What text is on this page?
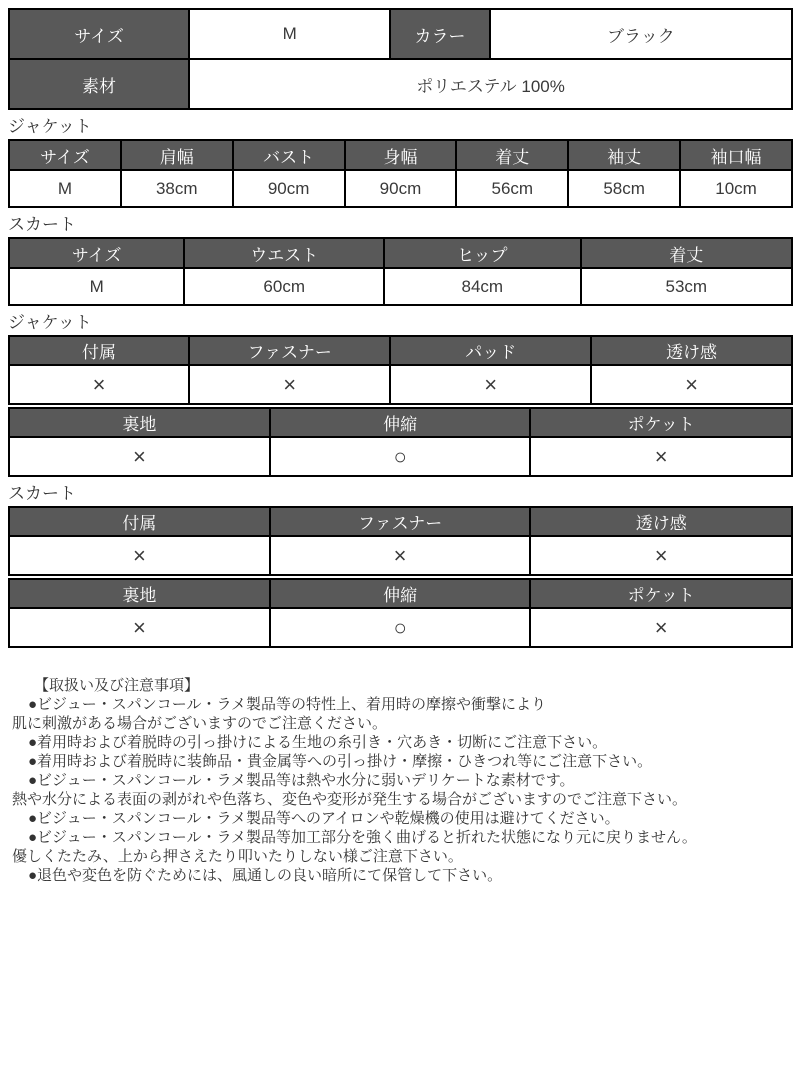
サイズ	M	カラー	ブラック
素材	ポリエステル 100%		
ジャケット
サイズ	肩幅	バスト	身幅	着丈	袖丈	袖口幅
M	38cm	90cm	90cm	56cm	58cm	10cm
スカート
サイズ	ウエスト	ヒップ	着丈
M	60cm	84cm	53cm
ジャケット
付属	ファスナー	パッド	透け感
×	×	×	×
裏地	伸縮	ポケット
×	○	×
スカート
付属	ファスナー	透け感
×	×	×
裏地	伸縮	ポケット
×	○	×
【取扱い及び注意事項】
●ビジュー・スパンコール・ラメ製品等の特性上、着用時の摩擦や衝撃により
肌に刺激がある場合がございますのでご注意ください。
●着用時および着脱時の引っ掛けによる生地の糸引き・穴あき・切断にご注意下さい。
●着用時および着脱時に装飾品・貴金属等への引っ掛け・摩擦・ひきつれ等にご注意下さい。
●ビジュー・スパンコール・ラメ製品等は熱や水分に弱いデリケートな素材です。
熱や水分による表面の剥がれや色落ち、変色や変形が発生する場合がございますのでご注意下さい。
●ビジュー・スパンコール・ラメ製品等へのアイロンや乾燥機の使用は避けてください。
●ビジュー・スパンコール・ラメ製品等加工部分を強く曲げると折れた状態になり元に戻りません。
優しくたたみ、上から押さえたり叩いたりしない様ご注意下さい。
●退色や変色を防ぐためには、風通しの良い暗所にて保管して下さい。
